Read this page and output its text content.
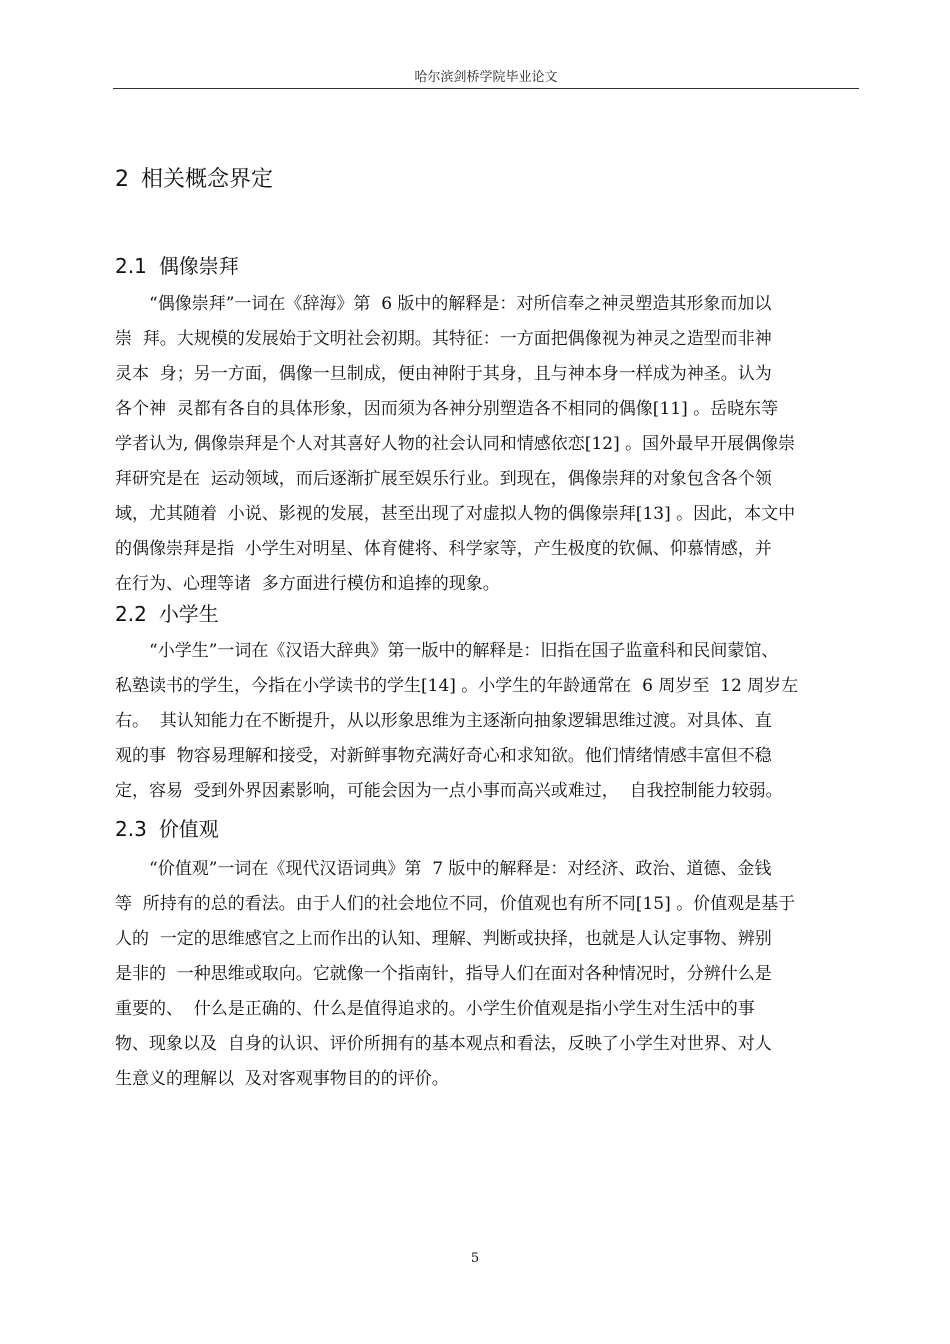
哈尔滨剑桥学院毕业论文
2 相关概念界定
2.1 偶像崇拜
“偶像崇拜”一词在《辞海》第  6 版中的解释是：对所信奉之神灵塑造其形象而加以
崇  拜。大规模的发展始于文明社会初期。其特征：一方面把偶像视为神灵之造型而非神
灵本  身；另一方面，偶像一旦制成，便由神附于其身，且与神本身一样成为神圣。认为
各个神  灵都有各自的具体形象，因而须为各神分别塑造各不相同的偶像[11] 。岳晓东等
学者认为, 偶像崇拜是个人对其喜好人物的社会认同和情感依恋[12] 。国外最早开展偶像崇
拜研究是在  运动领域，而后逐渐扩展至娱乐行业。到现在，偶像崇拜的对象包含各个领
域，尤其随着  小说、影视的发展，甚至出现了对虚拟人物的偶像崇拜[13] 。因此，本文中
的偶像崇拜是指  小学生对明星、体育健将、科学家等，产生极度的钦佩、仰慕情感，并
在行为、心理等诸  多方面进行模仿和追捧的现象。
2.2 小学生
“小学生”一词在《汉语大辞典》第一版中的解释是：旧指在国子监童科和民间蒙馆、
私塾读书的学生，今指在小学读书的学生[14] 。小学生的年龄通常在  6 周岁至  12 周岁左
右。  其认知能力在不断提升，从以形象思维为主逐渐向抽象逻辑思维过渡。对具体、直
观的事  物容易理解和接受，对新鲜事物充满好奇心和求知欲。他们情绪情感丰富但不稳
定，容易  受到外界因素影响，可能会因为一点小事而高兴或难过，  自我控制能力较弱。
2.3 价值观
“价值观”一词在《现代汉语词典》第  7 版中的解释是：对经济、政治、道德、金钱
等  所持有的总的看法。由于人们的社会地位不同，价值观也有所不同[15] 。价值观是基于
人的  一定的思维感官之上而作出的认知、理解、判断或抉择，也就是人认定事物、辨别
是非的  一种思维或取向。它就像一个指南针，指导人们在面对各种情况时，分辨什么是
重要的、  什么是正确的、什么是值得追求的。小学生价值观是指小学生对生活中的事
物、现象以及  自身的认识、评价所拥有的基本观点和看法，反映了小学生对世界、对人
生意义的理解以  及对客观事物目的的评价。
5
